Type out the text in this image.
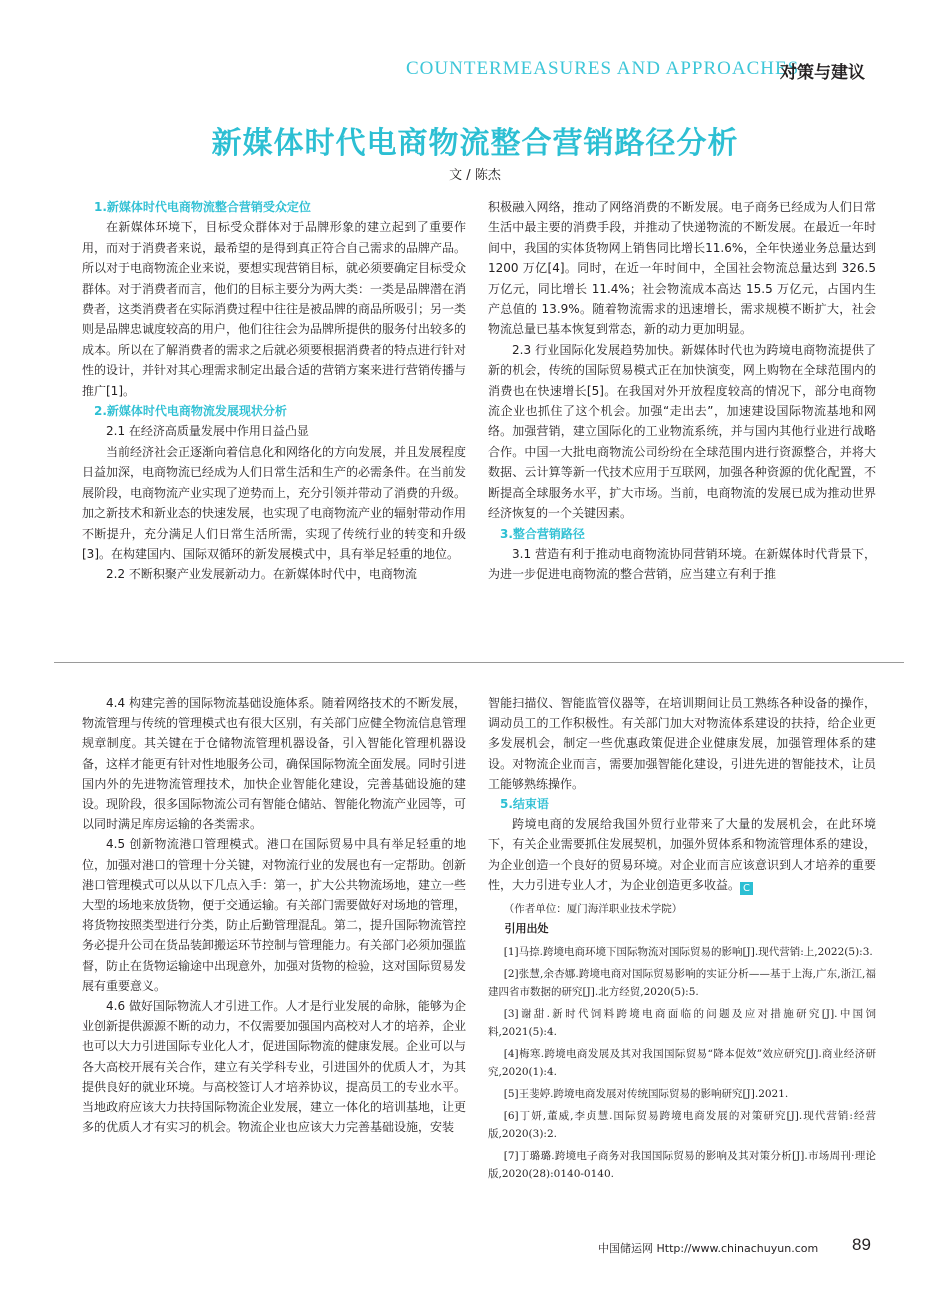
COUNTERMEASURES AND APPROACHES
对策与建议
新媒体时代电商物流整合营销路径分析
文 / 陈杰

1.新媒体时代电商物流整合营销受众定位

在新媒体环境下，目标受众群体对于品牌形象的建立起到了重要作用，而对于消费者来说，最希望的是得到真正符合自己需求的品牌产品。所以对于电商物流企业来说，要想实现营销目标，就必须要确定目标受众群体。对于消费者而言，他们的目标主要分为两大类：一类是品牌潜在消费者，这类消费者在实际消费过程中往往是被品牌的商品所吸引；另一类则是品牌忠诚度较高的用户，他们往往会为品牌所提供的服务付出较多的成本。所以在了解消费者的需求之后就必须要根据消费者的特点进行针对性的设计，并针对其心理需求制定出最合适的营销方案来进行营销传播与推广[1]。

2.新媒体时代电商物流发展现状分析

2.1 在经济高质量发展中作用日益凸显

当前经济社会正逐渐向着信息化和网络化的方向发展，并且发展程度日益加深，电商物流已经成为人们日常生活和生产的必需条件。在当前发展阶段，电商物流产业实现了逆势而上，充分引领并带动了消费的升级。加之新技术和新业态的快速发展，也实现了电商物流产业的辐射带动作用不断提升，充分满足人们日常生活所需，实现了传统行业的转变和升级[3]。在构建国内、国际双循环的新发展模式中，具有举足轻重的地位。

2.2 不断积聚产业发展新动力。在新媒体时代中，电商物流

积极融入网络，推动了网络消费的不断发展。电子商务已经成为人们日常生活中最主要的消费手段，并推动了快递物流的不断发展。在最近一年时间中，我国的实体货物网上销售同比增长11.6%，全年快递业务总量达到 1200 万亿[4]。同时，在近一年时间中，全国社会物流总量达到 326.5 万亿元，同比增长 11.4%；社会物流成本高达 15.5 万亿元，占国内生产总值的 13.9%。随着物流需求的迅速增长，需求规模不断扩大，社会物流总量已基本恢复到常态，新的动力更加明显。

2.3 行业国际化发展趋势加快。新媒体时代也为跨境电商物流提供了新的机会，传统的国际贸易模式正在加快演变，网上购物在全球范围内的消费也在快速增长[5]。在我国对外开放程度较高的情况下，部分电商物流企业也抓住了这个机会。加强“走出去”，加速建设国际物流基地和网络。加强营销，建立国际化的工业物流系统，并与国内其他行业进行战略合作。中国一大批电商物流公司纷纷在全球范围内进行资源整合，并将大数据、云计算等新一代技术应用于互联网，加强各种资源的优化配置，不断提高全球服务水平，扩大市场。当前，电商物流的发展已成为推动世界经济恢复的一个关键因素。

3.整合营销路径

3.1 营造有利于推动电商物流协同营销环境。在新媒体时代背景下，为进一步促进电商物流的整合营销，应当建立有利于推

4.4 构建完善的国际物流基础设施体系。随着网络技术的不断发展，物流管理与传统的管理模式也有很大区别，有关部门应健全物流信息管理规章制度。其关键在于仓储物流管理机器设备，引入智能化管理机器设备，这样才能更有针对性地服务公司，确保国际物流全面发展。同时引进国内外的先进物流管理技术，加快企业智能化建设，完善基础设施的建设。现阶段，很多国际物流公司有智能仓储站、智能化物流产业园等，可以同时满足库房运输的各类需求。

4.5 创新物流港口管理模式。港口在国际贸易中具有举足轻重的地位，加强对港口的管理十分关键，对物流行业的发展也有一定帮助。创新港口管理模式可以从以下几点入手：第一，扩大公共物流场地，建立一些大型的场地来放货物，便于交通运输。有关部门需要做好对场地的管理，将货物按照类型进行分类，防止后勤管理混乱。第二，提升国际物流管控务必提升公司在货品装卸搬运环节控制与管理能力。有关部门必须加强监督，防止在货物运输途中出现意外，加强对货物的检验，这对国际贸易发展有重要意义。

4.6 做好国际物流人才引进工作。人才是行业发展的命脉，能够为企业创新提供源源不断的动力，不仅需要加强国内高校对人才的培养，企业也可以大力引进国际专业化人才，促进国际物流的健康发展。企业可以与各大高校开展有关合作，建立有关学科专业，引进国外的优质人才，为其提供良好的就业环境。与高校签订人才培养协议，提高员工的专业水平。当地政府应该大力扶持国际物流企业发展，建立一体化的培训基地，让更多的优质人才有实习的机会。物流企业也应该大力完善基础设施，安装

智能扫描仪、智能监管仪器等，在培训期间让员工熟练各种设备的操作，调动员工的工作积极性。有关部门加大对物流体系建设的扶持，给企业更多发展机会，制定一些优惠政策促进企业健康发展，加强管理体系的建设。对物流企业而言，需要加强智能化建设，引进先进的智能技术，让员工能够熟练操作。

5.结束语

跨境电商的发展给我国外贸行业带来了大量的发展机会，在此环境下，有关企业需要抓住发展契机，加强外贸体系和物流管理体系的建设，为企业创造一个良好的贸易环境。对企业而言应该意识到人才培养的重要性，大力引进专业人才，为企业创造更多收益。 C

（作者单位：厦门海洋职业技术学院）

引用出处

[1]马捺.跨境电商环境下国际物流对国际贸易的影响[J].现代营销:上,2022(5):3.

[2]张慧,余杏娜.跨境电商对国际贸易影响的实证分析——基于上海,广东,浙江,福建四省市数据的研究[J].北方经贸,2020(5):5.

[3]谢甜.新时代饲料跨境电商面临的问题及应对措施研究[J].中国饲料,2021(5):4.

[4]梅寒.跨境电商发展及其对我国国际贸易“降本促效”效应研究[J].商业经济研究,2020(1):4.

[5]王斐婷.跨境电商发展对传统国际贸易的影响研究[J].2021.

[6]丁妍,董威,李贞慧.国际贸易跨境电商发展的对策研究[J].现代营销:经营版,2020(3):2.

[7]丁璐璐.跨境电子商务对我国国际贸易的影响及其对策分析[J].市场周刊·理论版,2020(28):0140-0140.

中国储运网 Http://www.chinachuyun.com 89
